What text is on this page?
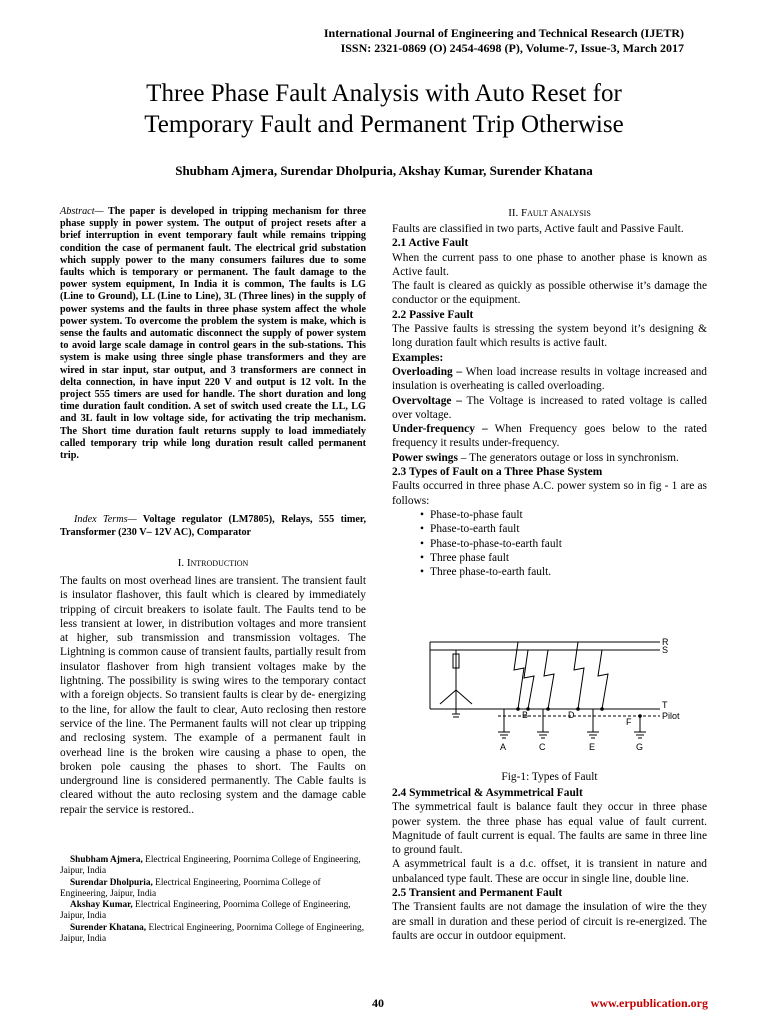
International Journal of Engineering and Technical Research (IJETR)
ISSN: 2321-0869 (O) 2454-4698 (P), Volume-7, Issue-3, March 2017
Three Phase Fault Analysis with Auto Reset for
Temporary Fault and Permanent Trip Otherwise
Shubham Ajmera, Surendar Dholpuria, Akshay Kumar, Surender Khatana
Abstract— The paper is developed in tripping mechanism for three phase supply in power system. The output of project resets after a brief interruption in event temporary fault while remains tripping condition the case of permanent fault. The electrical grid substation which supply power to the many consumers failures due to some faults which is temporary or permanent. The fault damage to the power system equipment, In India it is common, The faults is LG (Line to Ground), LL (Line to Line), 3L (Three lines) in the supply of power systems and the faults in three phase system affect the whole power system. To overcome the problem the system is make, which is sense the faults and automatic disconnect the supply of power system to avoid large scale damage in control gears in the sub-stations. This system is make using three single phase transformers and they are wired in star input, star output, and 3 transformers are connect in delta connection, in have input 220 V and output is 12 volt. In the project 555 timers are used for handle. The short duration and long time duration fault condition. A set of switch used create the LL, LG and 3L fault in low voltage side, for activating the trip mechanism. The Short time duration fault returns supply to load immediately called temporary trip while long duration result called permanent trip.
Index Terms— Voltage regulator (LM7805), Relays, 555 timer, Transformer (230 V– 12V AC), Comparator
I. Introduction
The faults on most overhead lines are transient. The transient fault is insulator flashover, this fault which is cleared by immediately tripping of circuit breakers to isolate fault. The Faults tend to be less transient at lower, in distribution voltages and more transient at higher, sub transmission and transmission voltages. The Lightning is common cause of transient faults, partially result from insulator flashover from high transient voltages make by the lightning. The possibility is swing wires to the temporary contact with a foreign objects. So transient faults is clear by de- energizing to the line, for allow the fault to clear, Auto reclosing then restore service of the line. The Permanent faults will not clear up tripping and reclosing system. The example of a permanent fault in overhead line is the broken wire causing a phase to open, the broken pole causing the phases to short. The Faults on underground line is considered permanently. The Cable faults is cleared without the auto reclosing system and the damage cable repair the service is restored..
Shubham Ajmera, Electrical Engineering, Poornima College of Engineering, Jaipur, India
Surendar Dholpuria, Electrical Engineering, Poornima College of Engineering, Jaipur, India
Akshay Kumar, Electrical Engineering, Poornima College of Engineering, Jaipur, India
Surender Khatana, Electrical Engineering, Poornima College of Engineering, Jaipur, India
II. Fault Analysis

Faults are classified in two parts, Active fault and Passive Fault.

2.1 Active Fault

When the current pass to one phase to another phase is known as Active fault.

The fault is cleared as quickly as possible otherwise it’s damage the conductor or the equipment.

2.2 Passive Fault

The Passive faults is stressing the system beyond it’s designing & long duration fault which results is active fault.

Examples:

Overloading – When load increase results in voltage increased and insulation is overheating is called overloading.

Overvoltage – The Voltage is increased to rated voltage is called over voltage.

Under-frequency – When Frequency goes below to the rated frequency it results under-frequency.

Power swings – The generators outage or loss in synchronism.

2.3 Types of Fault on a Three Phase System

Faults occurred in three phase A.C. power system so in fig - 1 are as follows:

• Phase-to-phase fault
• Phase-to-earth fault
• Phase-to-phase-to-earth fault
• Three phase fault
• Three phase-to-earth fault.
R
S
T
Pilot
B	D
F
A	C	E	G
Fig-1: Types of Fault

2.4 Symmetrical & Asymmetrical Fault

The symmetrical fault is balance fault they occur in three phase power system. the three phase has equal value of fault current. Magnitude of fault current is equal. The faults are same in three line to ground fault.

A asymmetrical fault is a d.c. offset, it is transient in nature and unbalanced type fault. These are occur in single line, double line.

2.5 Transient and Permanent Fault

The Transient faults are not damage the insulation of wire the they are small in duration and these period of circuit is re-energized. The faults are occur in outdoor equipment.

40	www.erpublication.org
